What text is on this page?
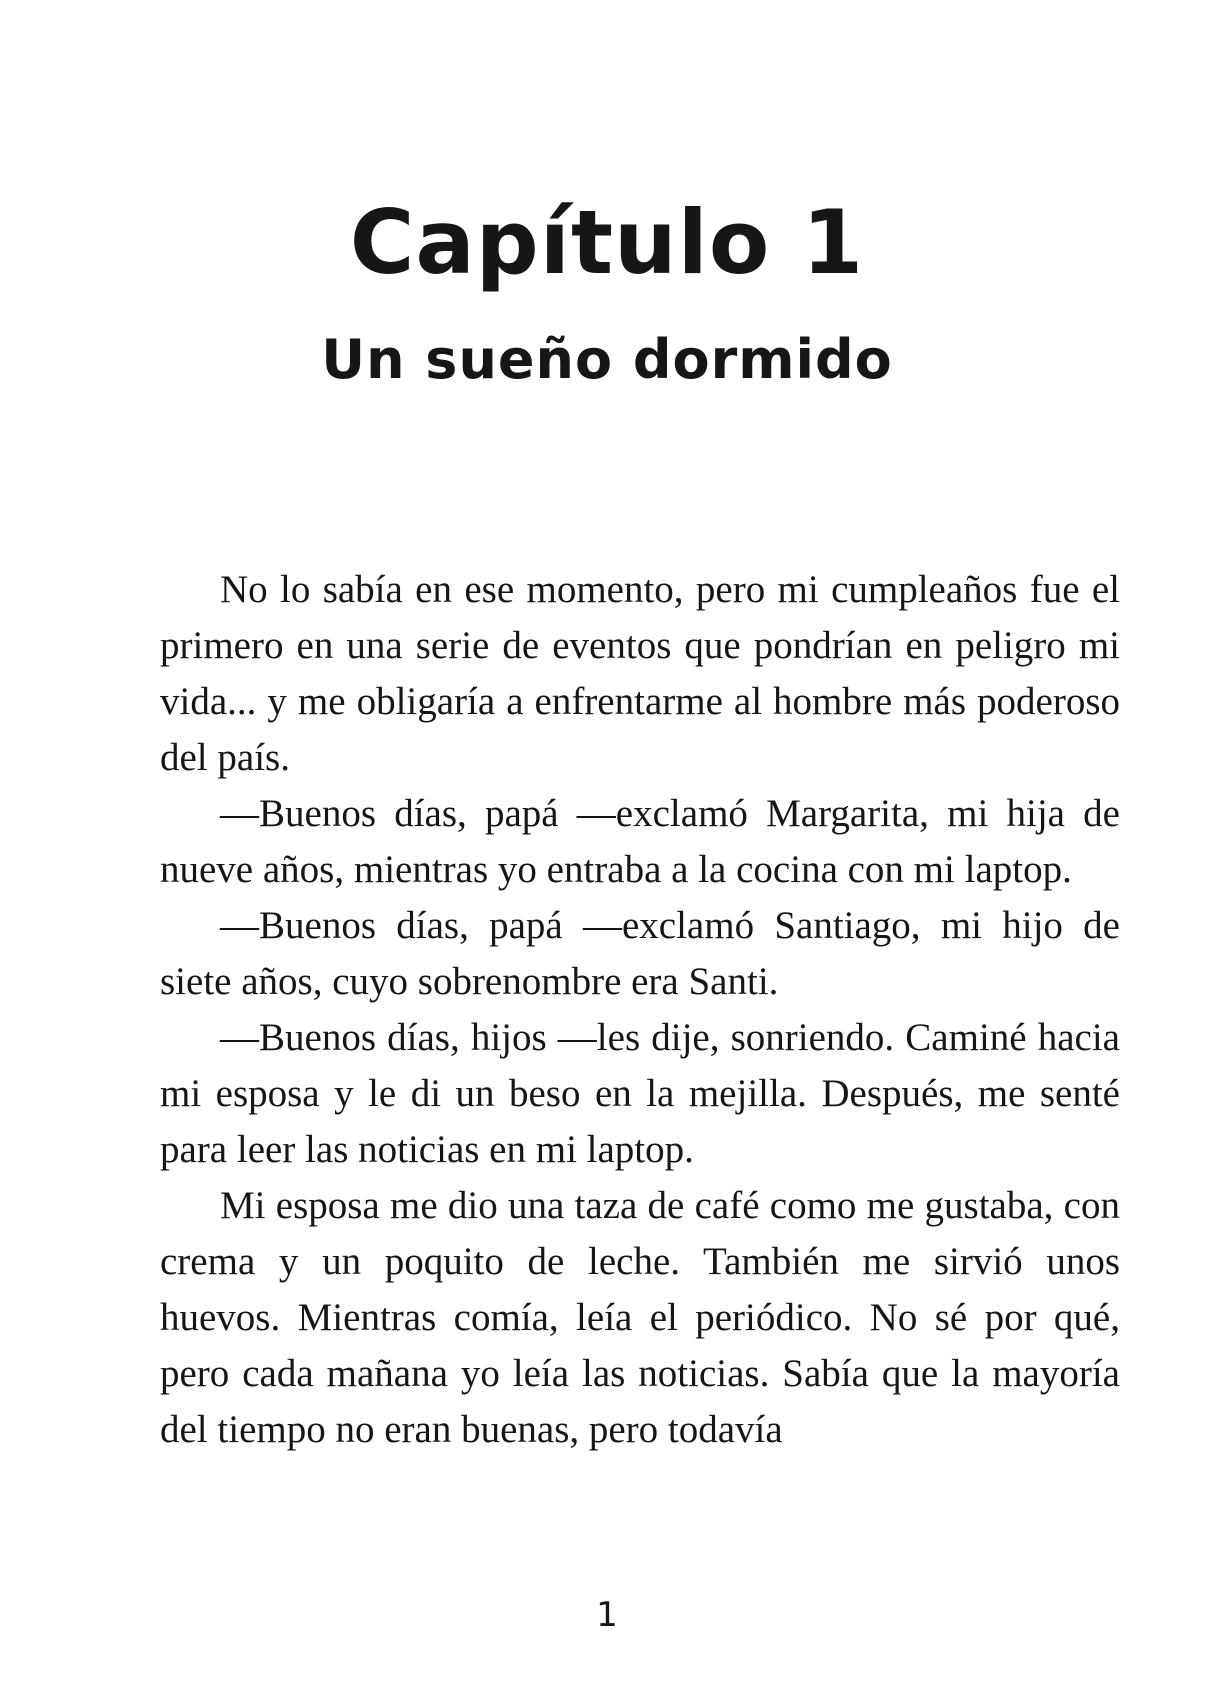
Capítulo 1
Un sueño dormido

No lo sabía en ese momento, pero mi cumpleaños fue el primero en una serie de eventos que pondrían en peligro mi vida... y me obligaría a enfrentarme al hombre más poderoso del país.

—Buenos días, papá —exclamó Margarita, mi hija de nueve años, mientras yo entraba a la cocina con mi laptop.

—Buenos días, papá —exclamó Santiago, mi hijo de siete años, cuyo sobrenombre era Santi.

—Buenos días, hijos —les dije, sonriendo. Caminé hacia mi esposa y le di un beso en la mejilla. Después, me senté para leer las noticias en mi laptop.

Mi esposa me dio una taza de café como me gustaba, con crema y un poquito de leche. También me sirvió unos huevos. Mientras comía, leía el periódico. No sé por qué, pero cada mañana yo leía las noticias. Sabía que la mayoría del tiempo no eran buenas, pero todavía

1
